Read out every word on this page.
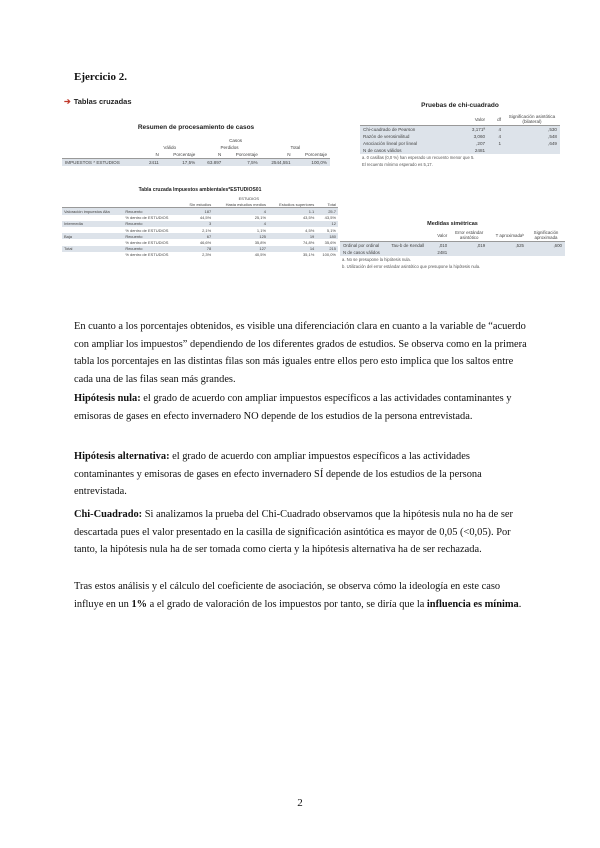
Ejercicio 2.
➔ Tablas cruzadas
Resumen de procesamiento de casos
	Casos					
	Válido		Perdidos		Total	
	N	Porcentaje	N	Porcentaje	N	Porcentaje
IMPUESTOS * ESTUDIOS	2411	17,5%	63.897	7,5%	2544,551	100,0%
Tabla cruzada Impuestos ambientales*ESTUDIOS01
		ESTUDIOS			
		Sin estudios	Hasta estudios medios	Estudios superiores	Total
Valoración impuestos Alta	Recuento	187	4	1.1	25.7
	% dentro de ESTUDIOS	44,5%	25,1%	43,5%	43,5%
Intermedia	Recuento	3	4		12
	% dentro de ESTUDIOS	2,1%	1,1%	4,5%	5,1%
Baja	Recuento	67	125	19	180
	% dentro de ESTUDIOS	46,6%	35,8%	74,8%	35,6%
Total	Recuento	78	127	14	215
	% dentro de ESTUDIOS	2,3%	40,5%	35,1%	100,0%
Pruebas de chi-cuadrado
	Valor	df	Significación asintótica (bilateral)
Chi-cuadrado de Pearson	3,171ª	4	,530
Razón de verosimilitud	3,060	4	,548
Asociación lineal por lineal	,207	1	,649
N de casos válidos	2481		
a. 0 casillas (0,0 %) han esperado un recuento menor que 5.
El recuento mínimo esperado es 5,17.
Medidas simétricas
		Valor	Error estándar asintótico	T aproximadaᵇ	Significación aproximada
Ordinal por ordinal	Tau-b de Kendall	,010	,019	,525	,600
N de casos válidos		2481			
a. No se presupone la hipótesis nula.
b. Utilización del error estándar asintótico que presupone la hipótesis nula.
En cuanto a los porcentajes obtenidos, es visible una diferenciación clara en cuanto a la variable de “acuerdo con ampliar los impuestos” dependiendo de los diferentes grados de estudios. Se observa como en la primera tabla los porcentajes en las distintas filas son más iguales entre ellos pero esto implica que los saltos entre cada una de las filas sean más grandes.
Hipótesis nula: el grado de acuerdo con ampliar impuestos específicos a las actividades contaminantes y emisoras de gases en efecto invernadero NO depende de los estudios de la persona entrevistada.
Hipótesis alternativa: el grado de acuerdo con ampliar impuestos específicos a las actividades contaminantes y emisoras de gases en efecto invernadero SÍ depende de los estudios de la persona entrevistada.
Chi-Cuadrado: Si analizamos la prueba del Chi-Cuadrado observamos que la hipótesis nula no ha de ser descartada pues el valor presentado en la casilla de significación asintótica es mayor de 0,05 (<0,05). Por tanto, la hipótesis nula ha de ser tomada como cierta y la hipótesis alternativa ha de ser rechazada.
Tras estos análisis y el cálculo del coeficiente de asociación, se observa cómo la ideología en este caso influye en un 1% a el grado de valoración de los impuestos por tanto, se diría que la influencia es mínima.
2
